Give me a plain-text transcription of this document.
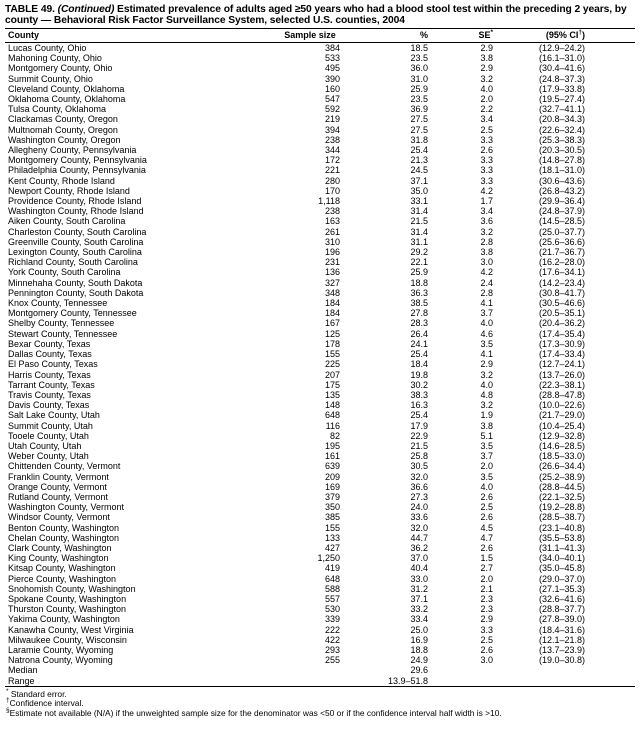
TABLE 49. (Continued) Estimated prevalence of adults aged ≥50 years who had a blood stool test within the preceding 2 years, by county — Behavioral Risk Factor Surveillance System, selected U.S. counties, 2004
County	Sample size	%	SE*	(95% CI†)	
Lucas County, Ohio	384	18.5	2.9	(12.9–24.2)	
Mahoning County, Ohio	533	23.5	3.8	(16.1–31.0)	
Montgomery County, Ohio	495	36.0	2.9	(30.4–41.6)	
Summit County, Ohio	390	31.0	3.2	(24.8–37.3)	
Cleveland County, Oklahoma	160	25.9	4.0	(17.9–33.8)	
Oklahoma County, Oklahoma	547	23.5	2.0	(19.5–27.4)	
Tulsa County, Oklahoma	592	36.9	2.2	(32.7–41.1)	
Clackamas County, Oregon	219	27.5	3.4	(20.8–34.3)	
Multnomah County, Oregon	394	27.5	2.5	(22.6–32.4)	
Washington County, Oregon	238	31.8	3.3	(25.3–38.3)	
Allegheny County, Pennsylvania	344	25.4	2.6	(20.3–30.5)	
Montgomery County, Pennsylvania	172	21.3	3.3	(14.8–27.8)	
Philadelphia County, Pennsylvania	221	24.5	3.3	(18.1–31.0)	
Kent County, Rhode Island	280	37.1	3.3	(30.6–43.6)	
Newport County, Rhode Island	170	35.0	4.2	(26.8–43.2)	
Providence County, Rhode Island	1,118	33.1	1.7	(29.9–36.4)	
Washington County, Rhode Island	238	31.4	3.4	(24.8–37.9)	
Aiken County, South Carolina	163	21.5	3.6	(14.5–28.5)	
Charleston County, South Carolina	261	31.4	3.2	(25.0–37.7)	
Greenville County, South Carolina	310	31.1	2.8	(25.6–36.6)	
Lexington County, South Carolina	196	29.2	3.8	(21.7–36.7)	
Richland County, South Carolina	231	22.1	3.0	(16.2–28.0)	
York County, South Carolina	136	25.9	4.2	(17.6–34.1)	
Minnehaha County, South Dakota	327	18.8	2.4	(14.2–23.4)	
Pennington County, South Dakota	348	36.3	2.8	(30.8–41.7)	
Knox County, Tennessee	184	38.5	4.1	(30.5–46.6)	
Montgomery County, Tennessee	184	27.8	3.7	(20.5–35.1)	
Shelby County, Tennessee	167	28.3	4.0	(20.4–36.2)	
Stewart County, Tennessee	125	26.4	4.6	(17.4–35.4)	
Bexar County, Texas	178	24.1	3.5	(17.3–30.9)	
Dallas County, Texas	155	25.4	4.1	(17.4–33.4)	
El Paso County, Texas	225	18.4	2.9	(12.7–24.1)	
Harris County, Texas	207	19.8	3.2	(13.7–26.0)	
Tarrant County, Texas	175	30.2	4.0	(22.3–38.1)	
Travis County, Texas	135	38.3	4.8	(28.8–47.8)	
Davis County, Texas	148	16.3	3.2	(10.0–22.6)	
Salt Lake County, Utah	648	25.4	1.9	(21.7–29.0)	
Summit County, Utah	116	17.9	3.8	(10.4–25.4)	
Tooele County, Utah	82	22.9	5.1	(12.9–32.8)	
Utah County, Utah	195	21.5	3.5	(14.6–28.5)	
Weber County, Utah	161	25.8	3.7	(18.5–33.0)	
Chittenden County, Vermont	639	30.5	2.0	(26.6–34.4)	
Franklin County, Vermont	209	32.0	3.5	(25.2–38.9)	
Orange County, Vermont	169	36.6	4.0	(28.8–44.5)	
Rutland County, Vermont	379	27.3	2.6	(22.1–32.5)	
Washington County, Vermont	350	24.0	2.5	(19.2–28.8)	
Windsor County, Vermont	385	33.6	2.6	(28.5–38.7)	
Benton County, Washington	155	32.0	4.5	(23.1–40.8)	
Chelan County, Washington	133	44.7	4.7	(35.5–53.8)	
Clark County, Washington	427	36.2	2.6	(31.1–41.3)	
King County, Washington	1,250	37.0	1.5	(34.0–40.1)	
Kitsap County, Washington	419	40.4	2.7	(35.0–45.8)	
Pierce County, Washington	648	33.0	2.0	(29.0–37.0)	
Snohomish County, Washington	588	31.2	2.1	(27.1–35.3)	
Spokane County, Washington	557	37.1	2.3	(32.6–41.6)	
Thurston County, Washington	530	33.2	2.3	(28.8–37.7)	
Yakima County, Washington	339	33.4	2.9	(27.8–39.0)	
Kanawha County, West Virginia	222	25.0	3.3	(18.4–31.6)	
Milwaukee County, Wisconsin	422	16.9	2.5	(12.1–21.8)	
Laramie County, Wyoming	293	18.8	2.6	(13.7–23.9)	
Natrona County, Wyoming	255	24.9	3.0	(19.0–30.8)	
Median		29.6			
Range		13.9–51.8			
* Standard error.
†Confidence interval.
§Estimate not available (N/A) if the unweighted sample size for the denominator was <50 or if the confidence interval half width is >10.
